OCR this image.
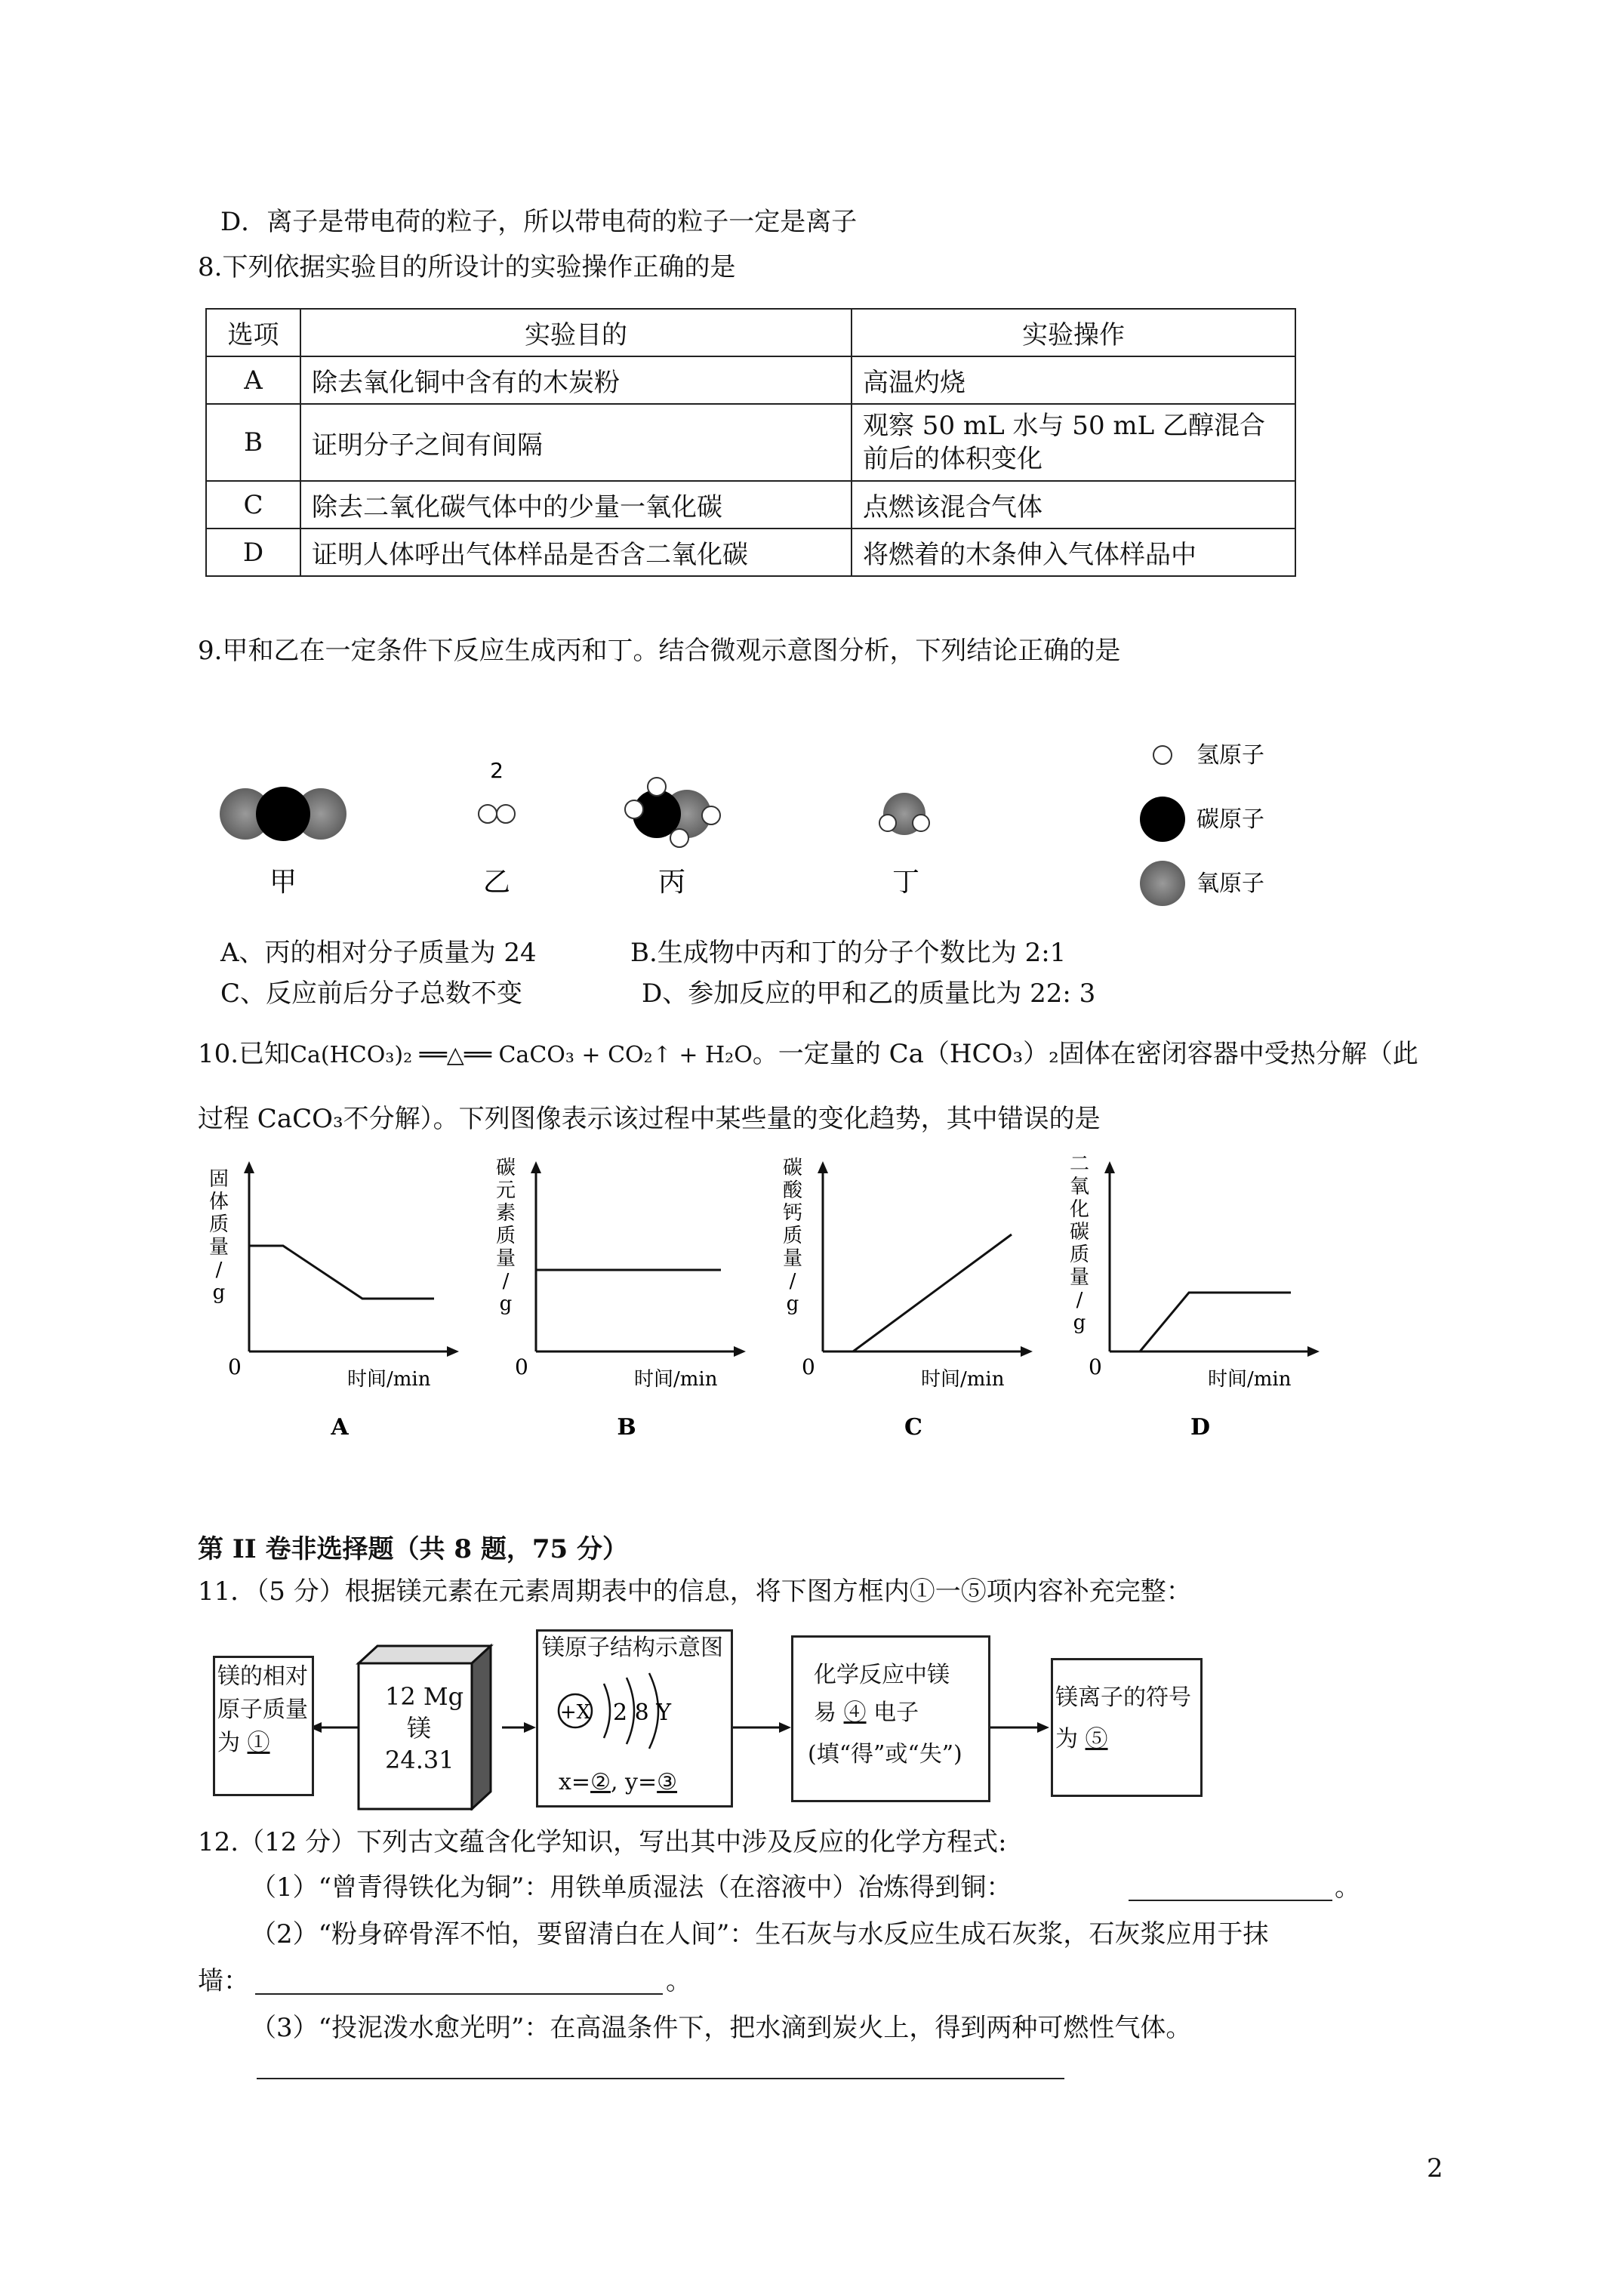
D．离子是带电荷的粒子，所以带电荷的粒子一定是离子
8.下列依据实验目的所设计的实验操作正确的是
选项	实验目的	实验操作
A	除去氧化铜中含有的木炭粉	高温灼烧
B	证明分子之间有间隔	观察 50 mL 水与 50 mL 乙醇混合前后的体积变化
C	除去二氧化碳气体中的少量一氧化碳	点燃该混合气体
D	证明人体呼出气体样品是否含二氧化碳	将燃着的木条伸入气体样品中
9.甲和乙在一定条件下反应生成丙和丁。结合微观示意图分析，下列结论正确的是
甲
2
乙	丙	丁
氢原子
碳原子
氧原子
A、丙的相对分子质量为 24	B.生成物中丙和丁的分子个数比为 2:1
C、反应前后分子总数不变	D、参加反应的甲和乙的质量比为 22: 3
10.已知Ca(HCO₃)₂ ══△══ CaCO₃ + CO₂↑ + H₂O。一定量的 Ca（HCO₃）₂固体在密闭容器中受热分解（此
过程 CaCO₃不分解）。下列图像表示该过程中某些量的变化趋势，其中错误的是
固体质量/ g
0	时间/min
A
碳元素质量/ g
0	时间/min
B
碳酸钙质量/ g
0	时间/min
C
二氧化碳质量/ g
0	时间/min
D
第 II 卷非选择题（共 8 题，75 分）
11．（5 分）根据镁元素在元素周期表中的信息，将下图方框内①一⑤项内容补充完整：
镁的相对
原子质量
为 ①
12 Mg
镁
24.31
镁原子结构示意图
+X 2 8 Y
x=②, y=③
化学反应中镁
易 ④ 电子
(填“得”或“失”)
镁离子的符号
为 ⑤
12.（12 分）下列古文蕴含化学知识，写出其中涉及反应的化学方程式:
（1）“曾青得铁化为铜”：用铁单质湿法（在溶液中）冶炼得到铜：	。
（2）“粉身碎骨浑不怕，要留清白在人间”：生石灰与水反应生成石灰浆，石灰浆应用于抹
墙：	。
（3）“投泥泼水愈光明”：在高温条件下，把水滴到炭火上，得到两种可燃性气体。
2
